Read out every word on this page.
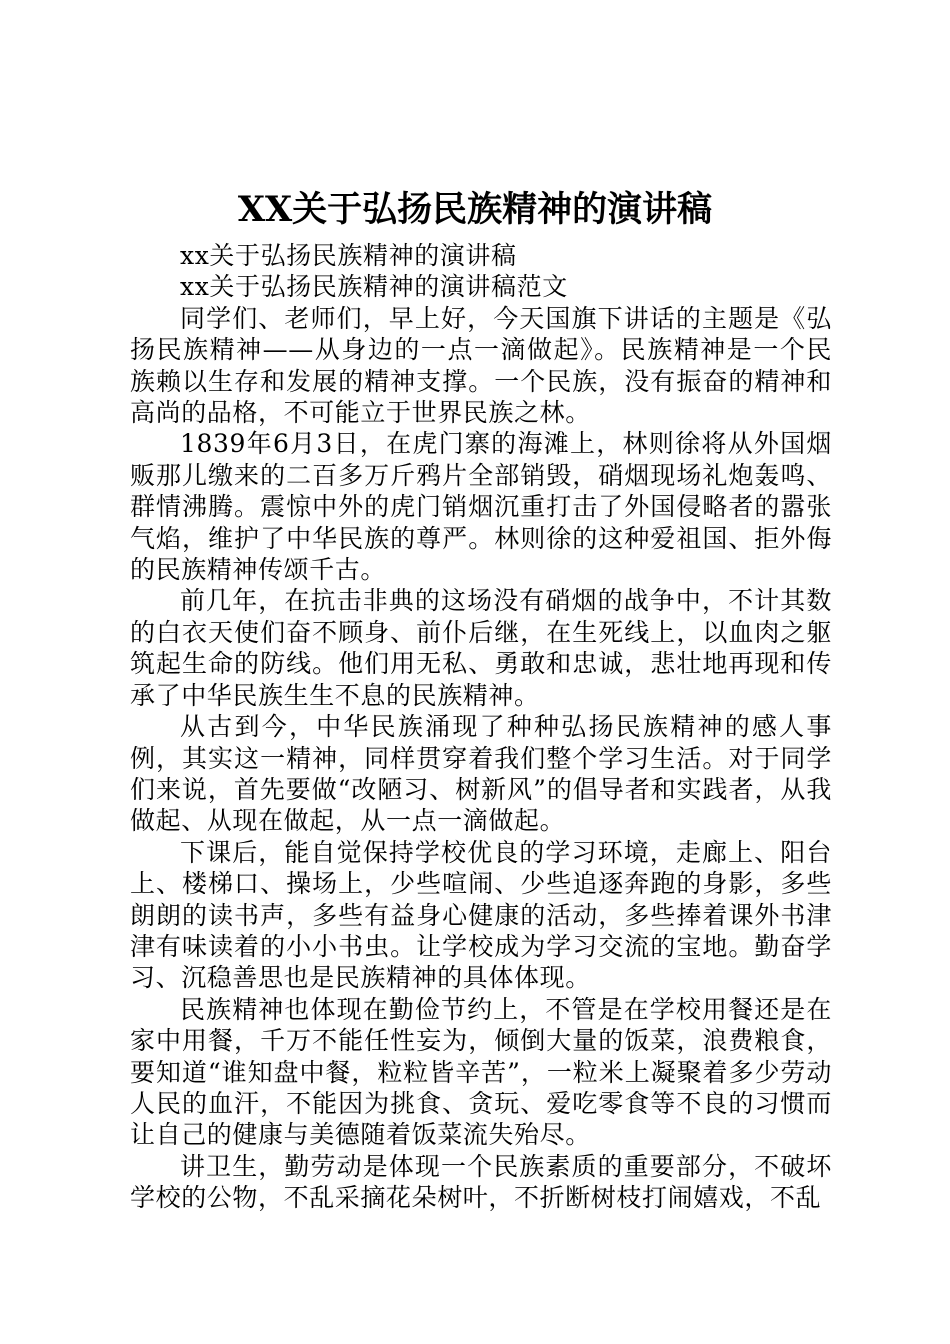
XX关于弘扬民族精神的演讲稿

xx关于弘扬民族精神的演讲稿

xx关于弘扬民族精神的演讲稿范文

同学们、老师们，早上好，今天国旗下讲话的主题是《弘扬民族精神——从身边的一点一滴做起》。民族精神是一个民族赖以生存和发展的精神支撑。一个民族，没有振奋的精神和高尚的品格，不可能立于世界民族之林。

1839年6月3日，在虎门寨的海滩上，林则徐将从外国烟贩那儿缴来的二百多万斤鸦片全部销毁，硝烟现场礼炮轰鸣、群情沸腾。震惊中外的虎门销烟沉重打击了外国侵略者的嚣张气焰，维护了中华民族的尊严。林则徐的这种爱祖国、拒外侮的民族精神传颂千古。

前几年，在抗击非典的这场没有硝烟的战争中，不计其数的白衣天使们奋不顾身、前仆后继，在生死线上，以血肉之躯筑起生命的防线。他们用无私、勇敢和忠诚，悲壮地再现和传承了中华民族生生不息的民族精神。

从古到今，中华民族涌现了种种弘扬民族精神的感人事例，其实这一精神，同样贯穿着我们整个学习生活。对于同学们来说，首先要做“改陋习、树新风”的倡导者和实践者，从我做起、从现在做起，从一点一滴做起。

下课后，能自觉保持学校优良的学习环境，走廊上、阳台上、楼梯口、操场上，少些喧闹、少些追逐奔跑的身影，多些朗朗的读书声，多些有益身心健康的活动，多些捧着课外书津津有味读着的小小书虫。让学校成为学习交流的宝地。勤奋学习、沉稳善思也是民族精神的具体体现。

民族精神也体现在勤俭节约上，不管是在学校用餐还是在家中用餐，千万不能任性妄为，倾倒大量的饭菜，浪费粮食，要知道“谁知盘中餐，粒粒皆辛苦”，一粒米上凝聚着多少劳动人民的血汗，不能因为挑食、贪玩、爱吃零食等不良的习惯而让自己的健康与美德随着饭菜流失殆尽。

讲卫生，勤劳动是体现一个民族素质的重要部分，不破坏学校的公物，不乱采摘花朵树叶，不折断树枝打闹嬉戏，不乱
